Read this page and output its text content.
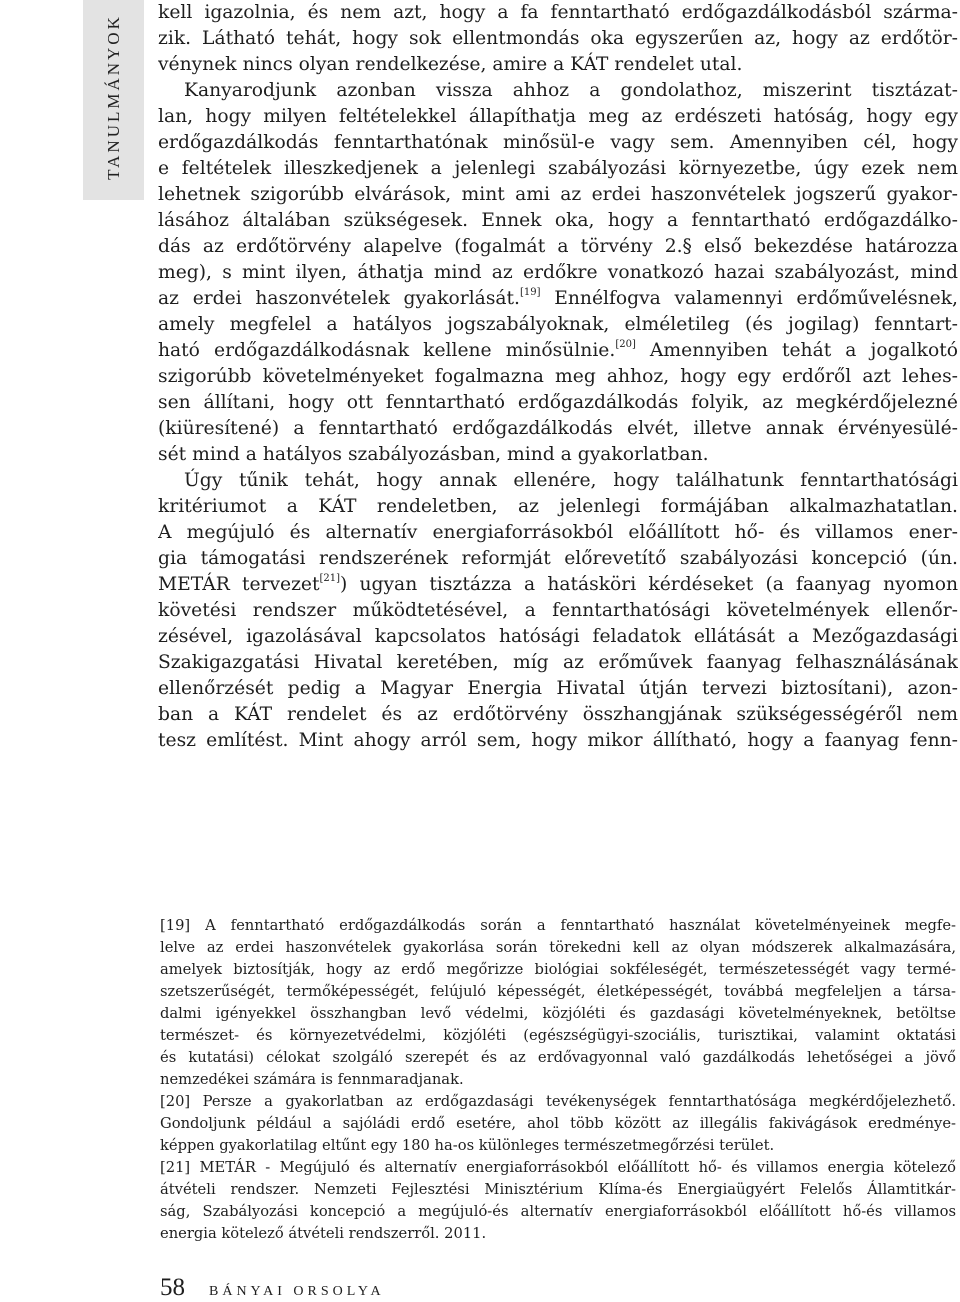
TANULMÁNYOK
kell igazolnia, és nem azt, hogy a fa fenntartható erdőgazdálkodásból szárma-
zik. Látható tehát, hogy sok ellentmondás oka egyszerűen az, hogy az erdőtör-
vénynek nincs olyan rendelkezése, amire a KÁT rendelet utal.
Kanyarodjunk azonban vissza ahhoz a gondolathoz, miszerint tisztázat-
lan, hogy milyen feltételekkel állapíthatja meg az erdészeti hatóság, hogy egy
erdőgazdálkodás fenntarthatónak minősül-e vagy sem. Amennyiben cél, hogy
e feltételek illeszkedjenek a jelenlegi szabályozási környezetbe, úgy ezek nem
lehetnek szigorúbb elvárások, mint ami az erdei haszonvételek jogszerű gyakor-
lásához általában szükségesek. Ennek oka, hogy a fenntartható erdőgazdálko-
dás az erdőtörvény alapelve (fogalmát a törvény 2.§ első bekezdése határozza
meg), s mint ilyen, áthatja mind az erdőkre vonatkozó hazai szabályozást, mind
az erdei haszonvételek gyakorlását.[19] Ennélfogva valamennyi erdőművelésnek,
amely megfelel a hatályos jogszabályoknak, elméletileg (és jogilag) fenntart-
ható erdőgazdálkodásnak kellene minősülnie.[20] Amennyiben tehát a jogalkotó
szigorúbb követelményeket fogalmazna meg ahhoz, hogy egy erdőről azt lehes-
sen állítani, hogy ott fenntartható erdőgazdálkodás folyik, az megkérdőjelezné
(kiüresítené) a fenntartható erdőgazdálkodás elvét, illetve annak érvényesülé-
sét mind a hatályos szabályozásban, mind a gyakorlatban.
Úgy tűnik tehát, hogy annak ellenére, hogy találhatunk fenntarthatósági
kritériumot a KÁT rendeletben, az jelenlegi formájában alkalmazhatatlan.
A megújuló és alternatív energiaforrásokból előállított hő- és villamos ener-
gia támogatási rendszerének reformját előrevetítő szabályozási koncepció (ún.
METÁR tervezet[21]) ugyan tisztázza a hatásköri kérdéseket (a faanyag nyomon
követési rendszer működtetésével, a fenntarthatósági követelmények ellenőr-
zésével, igazolásával kapcsolatos hatósági feladatok ellátását a Mezőgazdasági
Szakigazgatási Hivatal keretében, míg az erőművek faanyag felhasználásának
ellenőrzését pedig a Magyar Energia Hivatal útján tervezi biztosítani), azon-
ban a KÁT rendelet és az erdőtörvény összhangjának szükségességéről nem
tesz említést. Mint ahogy arról sem, hogy mikor állítható, hogy a faanyag fenn-
[19] A fenntartható erdőgazdálkodás során a fenntartható használat követelményeinek megfe-
lelve az erdei haszonvételek gyakorlása során törekedni kell az olyan módszerek alkalmazására,
amelyek biztosítják, hogy az erdő megőrizze biológiai sokféleségét, természetességét vagy termé-
szetszerűségét, termőképességét, felújuló képességét, életképességét, továbbá megfeleljen a társa-
dalmi igényekkel összhangban levő védelmi, közjóléti és gazdasági követelményeknek, betöltse
természet- és környezetvédelmi, közjóléti (egészségügyi-szociális, turisztikai, valamint oktatási
és kutatási) célokat szolgáló szerepét és az erdővagyonnal való gazdálkodás lehetőségei a jövő
nemzedékei számára is fennmaradjanak.
[20] Persze a gyakorlatban az erdőgazdasági tevékenységek fenntarthatósága megkérdőjelezhető.
Gondoljunk például a sajóládi erdő esetére, ahol több között az illegális fakivágások eredménye-
képpen gyakorlatilag eltűnt egy 180 ha-os különleges természetmegőrzési terület.
[21] METÁR - Megújuló és alternatív energiaforrásokból előállított hő- és villamos energia kötelező
átvételi rendszer. Nemzeti Fejlesztési Minisztérium Klíma-és Energiaügyért Felelős Államtitkár-
ság, Szabályozási koncepció a megújuló-és alternatív energiaforrásokból előállított hő-és villamos
energia kötelező átvételi rendszerről. 2011.
58 BÁNYAI ORSOLYA
